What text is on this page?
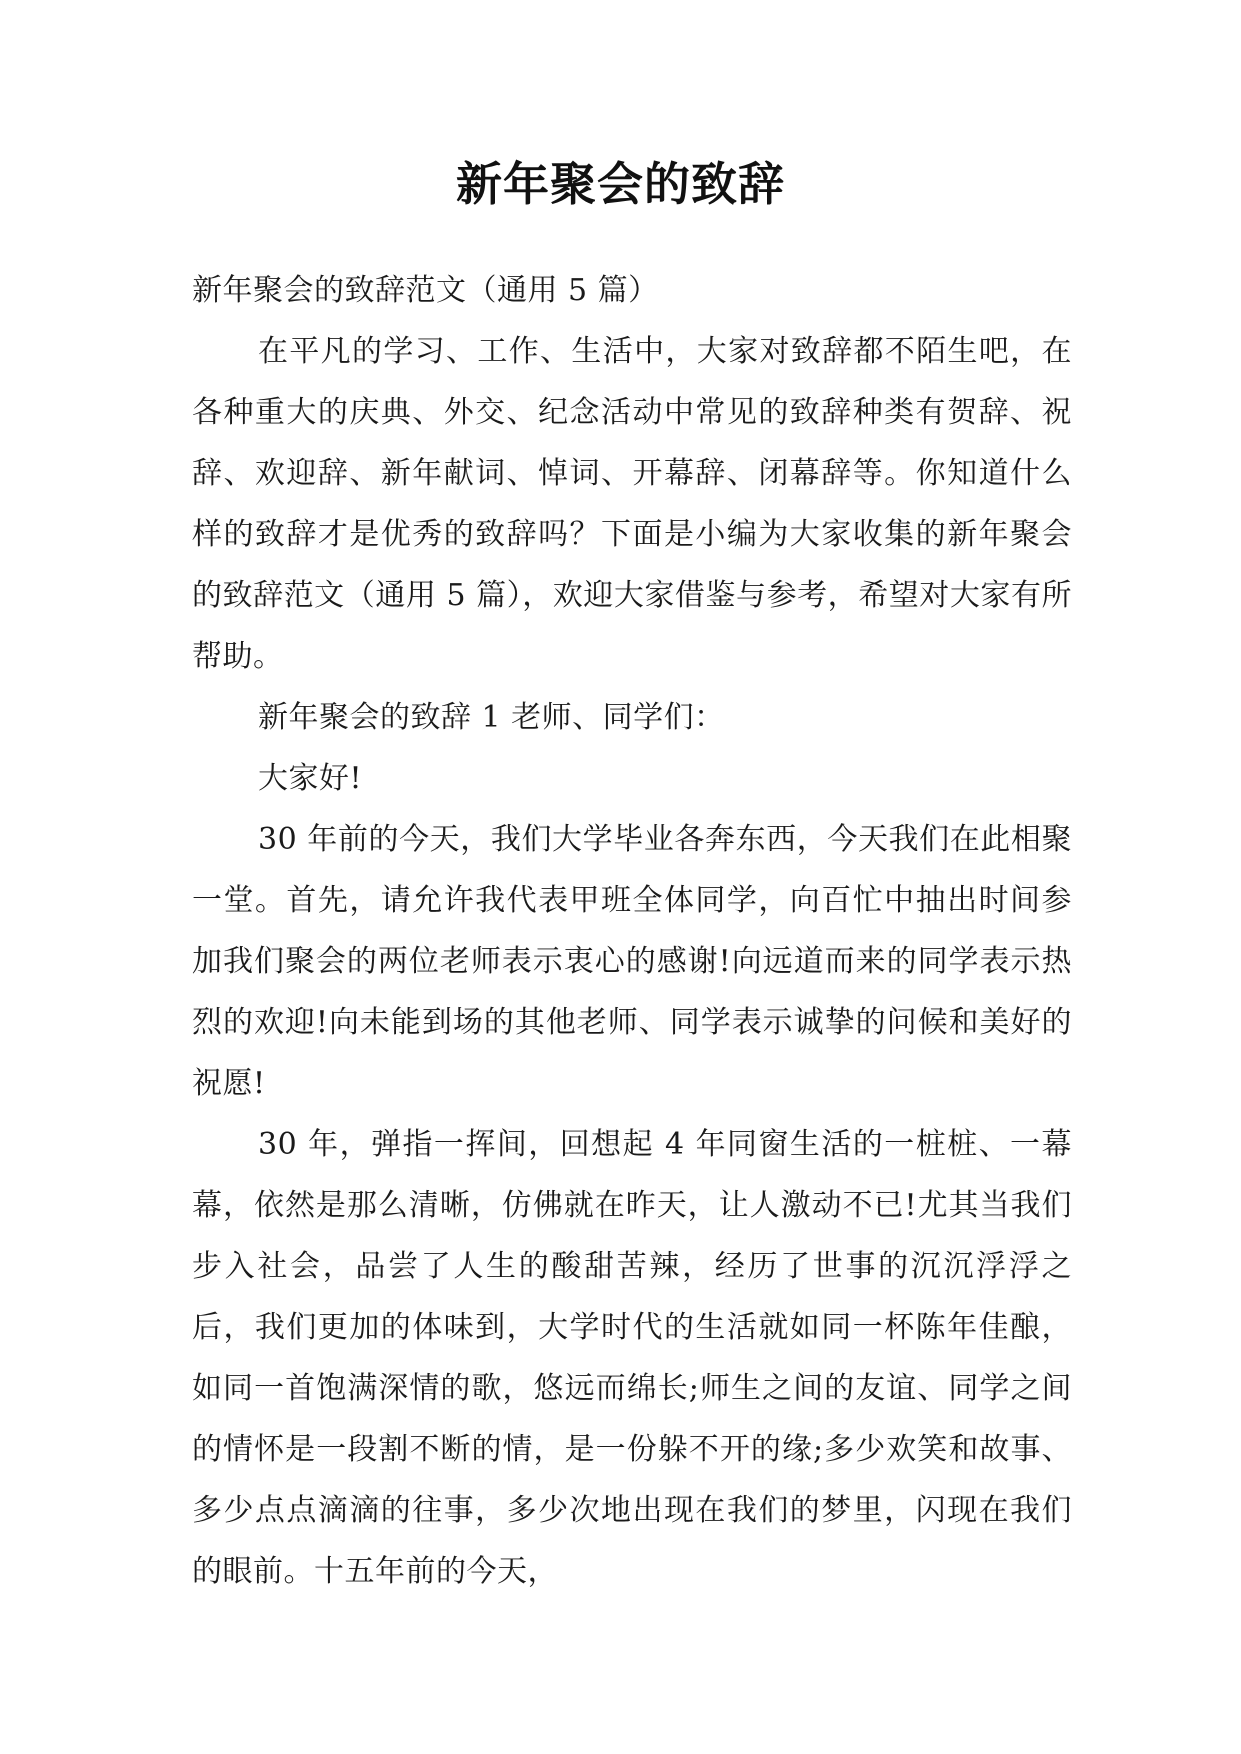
新年聚会的致辞

新年聚会的致辞范文（通用 5 篇）

在平凡的学习、工作、生活中，大家对致辞都不陌生吧，在各种重大的庆典、外交、纪念活动中常见的致辞种类有贺辞、祝辞、欢迎辞、新年献词、悼词、开幕辞、闭幕辞等。你知道什么样的致辞才是优秀的致辞吗？下面是小编为大家收集的新年聚会的致辞范文（通用 5 篇），欢迎大家借鉴与参考，希望对大家有所帮助。

新年聚会的致辞 1 老师、同学们：

大家好!

30 年前的今天，我们大学毕业各奔东西，今天我们在此相聚一堂。首先，请允许我代表甲班全体同学，向百忙中抽出时间参加我们聚会的两位老师表示衷心的感谢!向远道而来的同学表示热烈的欢迎!向未能到场的其他老师、同学表示诚挚的问候和美好的祝愿!

30 年，弹指一挥间，回想起 4 年同窗生活的一桩桩、一幕幕，依然是那么清晰，仿佛就在昨天，让人激动不已!尤其当我们步入社会，品尝了人生的酸甜苦辣，经历了世事的沉沉浮浮之后，我们更加的体味到，大学时代的生活就如同一杯陈年佳酿，如同一首饱满深情的歌，悠远而绵长;师生之间的友谊、同学之间的情怀是一段割不断的情，是一份躲不开的缘;多少欢笑和故事、多少点点滴滴的往事，多少次地出现在我们的梦里，闪现在我们的眼前。十五年前的今天，
